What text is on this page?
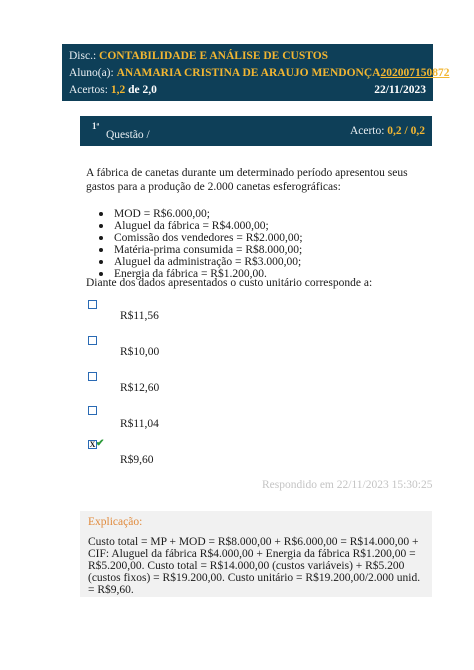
Disc.: CONTABILIDADE E ANÁLISE DE CUSTOS
Aluno(a): ANAMARIA CRISTINA DE ARAUJO MENDONÇA 202007150872
Acertos: 1,2 de 2,0	22/11/2023
1ª
Questão /	Acerto: 0,2 / 0,2

A fábrica de canetas durante um determinado período apresentou seus gastos para a produção de 2.000 canetas esferográficas:

MOD = R$6.000,00;
Aluguel da fábrica = R$4.000,00;
Comissão dos vendedores = R$2.000,00;
Matéria-prima consumida = R$8.000,00;
Aluguel da administração = R$3.000,00;
Energia da fábrica = R$1.200,00.
Diante dos dados apresentados o custo unitário corresponde a:
R$11,56
R$10,00
R$12,60
R$11,04
X ✔
R$9,60
Respondido em 22/11/2023 15:30:25
Explicação:
Custo total = MP + MOD = R$8.000,00 + R$6.000,00 = R$14.000,00 + CIF: Aluguel da fábrica R$4.000,00 + Energia da fábrica R$1.200,00 = R$5.200,00. Custo total = R$14.000,00 (custos variáveis) + R$5.200 (custos fixos) = R$19.200,00. Custo unitário = R$19.200,00/2.000 unid. = R$9,60.
